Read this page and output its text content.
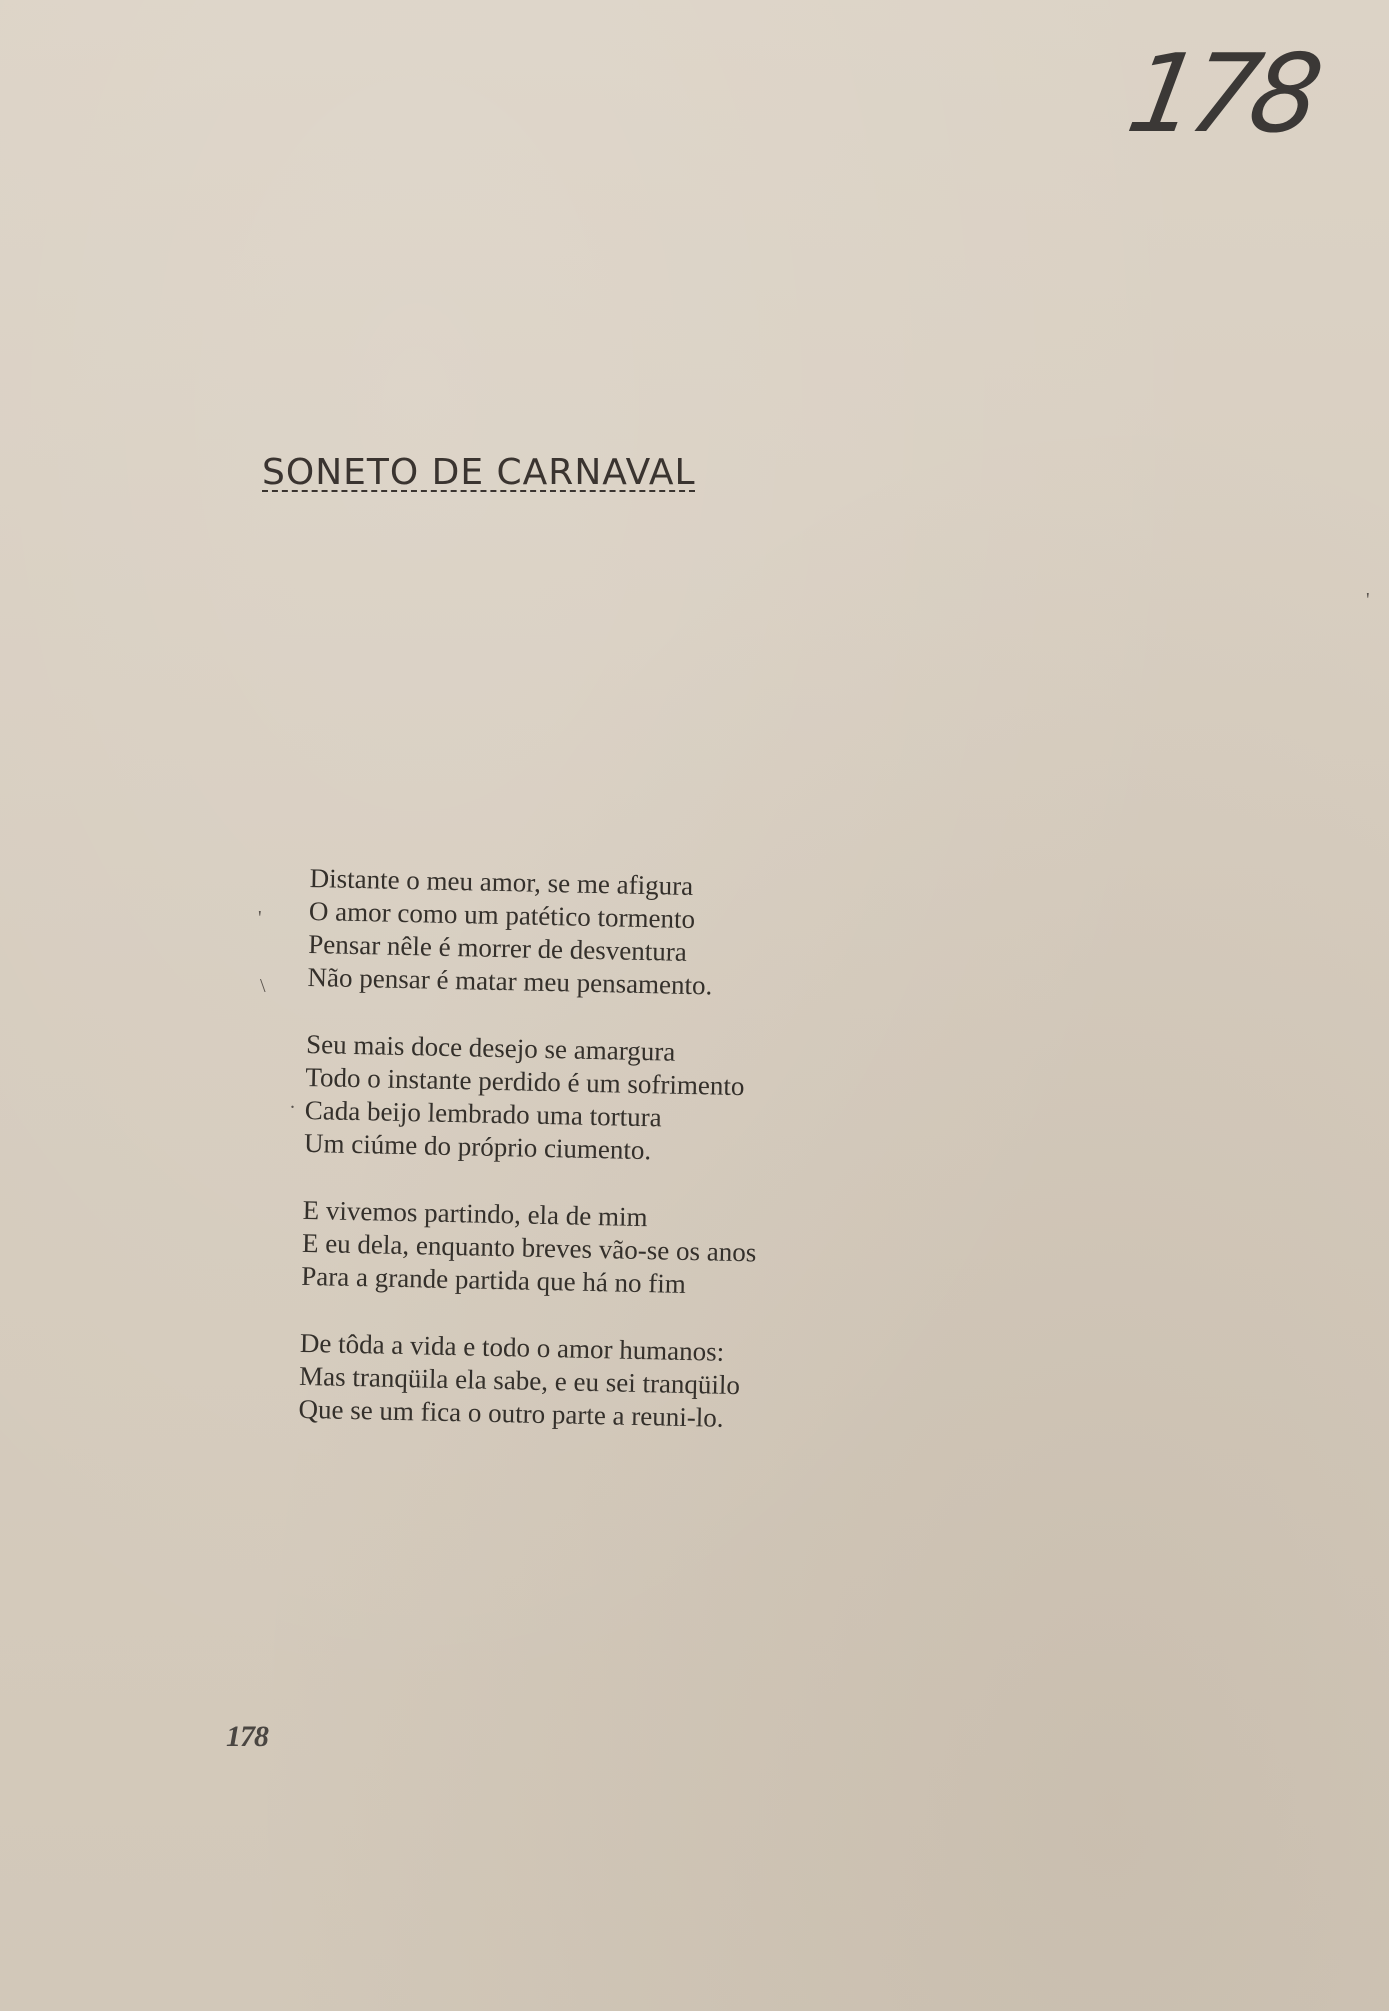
178
SONETO DE CARNAVAL
Distante o meu amor, se me afigura
O amor como um patético tormento
Pensar nêle é morrer de desventura
Não pensar é matar meu pensamento.
Seu mais doce desejo se amargura
Todo o instante perdido é um sofrimento
Cada beijo lembrado uma tortura
Um ciúme do próprio ciumento.
E vivemos partindo, ela de mim
E eu dela, enquanto breves vão-se os anos
Para a grande partida que há no fim
De tôda a vida e todo o amor humanos:
Mas tranqüila ela sabe, e eu sei tranqüilo
Que se um fica o outro parte a reuni-lo.
178
'
\
.
'
